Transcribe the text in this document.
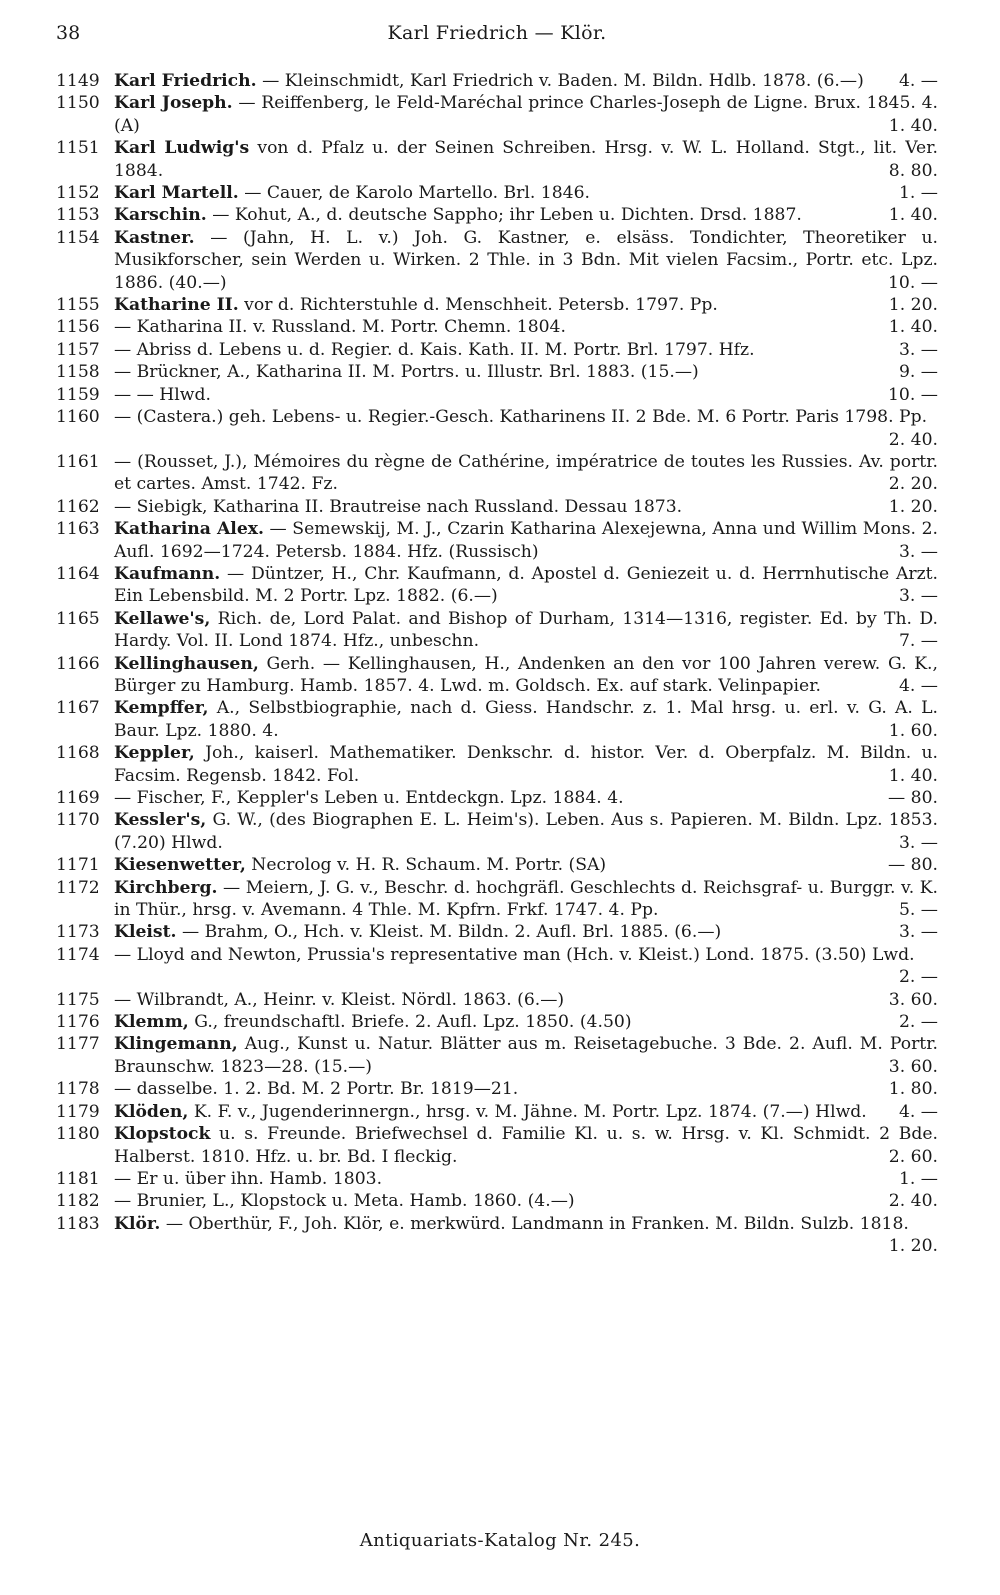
38	Karl Friedrich — Klör.
1149 Karl Friedrich. — Kleinschmidt, Karl Friedrich v. Baden. M. Bildn. Hdlb. 1878. (6.—) 4. —
1150 Karl Joseph. — Reiffenberg, le Feld-Maréchal prince Charles-Joseph de Ligne. Brux. 1845. 4. (A)	1. 40.
1151 Karl Ludwig's von d. Pfalz u. der Seinen Schreiben. Hrsg. v. W. L. Holland. Stgt., lit. Ver. 1884.	8. 80.
1152 Karl Martell. — Cauer, de Karolo Martello. Brl. 1846.	1. —
1153 Karschin. — Kohut, A., d. deutsche Sappho; ihr Leben u. Dichten. Drsd. 1887.	1. 40.
1154 Kastner. — (Jahn, H. L. v.) Joh. G. Kastner, e. elsäss. Tondichter, Theoretiker u. Musikforscher, sein Werden u. Wirken. 2 Thle. in 3 Bdn. Mit vielen Facsim., Portr. etc. Lpz. 1886. (40.—)	10. —
1155 Katharine II. vor d. Richterstuhle d. Menschheit. Petersb. 1797. Pp.	1. 20.
1156 — Katharina II. v. Russland. M. Portr. Chemn. 1804.	1. 40.
1157 — Abriss d. Lebens u. d. Regier. d. Kais. Kath. II. M. Portr. Brl. 1797. Hfz.	3. —
1158 — Brückner, A., Katharina II. M. Portrs. u. Illustr. Brl. 1883. (15.—)	9. —
1159 — — Hlwd.	10. —
1160 — (Castera.) geh. Lebens- u. Regier.-Gesch. Katharinens II. 2 Bde. M. 6 Portr. Paris 1798. Pp.
2. 40.
1161 — (Rousset, J.), Mémoires du règne de Cathérine, impératrice de toutes les Russies. Av. portr. et cartes. Amst. 1742. Fz.	2. 20.
1162 — Siebigk, Katharina II. Brautreise nach Russland. Dessau 1873.	1. 20.
1163 Katharina Alex. — Semewskij, M. J., Czarin Katharina Alexejewna, Anna und Willim Mons. 2. Aufl. 1692—1724. Petersb. 1884. Hfz. (Russisch)	3. —
1164 Kaufmann. — Düntzer, H., Chr. Kaufmann, d. Apostel d. Geniezeit u. d. Herrnhutische Arzt. Ein Lebensbild. M. 2 Portr. Lpz. 1882. (6.—)	3. —
1165 Kellawe's, Rich. de, Lord Palat. and Bishop of Durham, 1314—1316, register. Ed. by Th. D. Hardy. Vol. II. Lond 1874. Hfz., unbeschn.	7. —
1166 Kellinghausen, Gerh. — Kellinghausen, H., Andenken an den vor 100 Jahren verew. G. K., Bürger zu Hamburg. Hamb. 1857. 4. Lwd. m. Goldsch. Ex. auf stark. Velinpapier.	4. —
1167 Kempffer, A., Selbstbiographie, nach d. Giess. Handschr. z. 1. Mal hrsg. u. erl. v. G. A. L. Baur. Lpz. 1880. 4.	1. 60.
1168 Keppler, Joh., kaiserl. Mathematiker. Denkschr. d. histor. Ver. d. Oberpfalz. M. Bildn. u. Facsim. Regensb. 1842. Fol.	1. 40.
1169 — Fischer, F., Keppler's Leben u. Entdeckgn. Lpz. 1884. 4.	— 80.
1170 Kessler's, G. W., (des Biographen E. L. Heim's). Leben. Aus s. Papieren. M. Bildn. Lpz. 1853. (7.20) Hlwd.	3. —
1171 Kiesenwetter, Necrolog v. H. R. Schaum. M. Portr. (SA)	— 80.
1172 Kirchberg. — Meiern, J. G. v., Beschr. d. hochgräfl. Geschlechts d. Reichsgraf- u. Burggr. v. K. in Thür., hrsg. v. Avemann. 4 Thle. M. Kpfrn. Frkf. 1747. 4. Pp.	5. —
1173 Kleist. — Brahm, O., Hch. v. Kleist. M. Bildn. 2. Aufl. Brl. 1885. (6.—)	3. —
1174 — Lloyd and Newton, Prussia's representative man (Hch. v. Kleist.) Lond. 1875. (3.50) Lwd.
2. —
1175 — Wilbrandt, A., Heinr. v. Kleist. Nördl. 1863. (6.—)	3. 60.
1176 Klemm, G., freundschaftl. Briefe. 2. Aufl. Lpz. 1850. (4.50)	2. —
1177 Klingemann, Aug., Kunst u. Natur. Blätter aus m. Reisetagebuche. 3 Bde. 2. Aufl. M. Portr. Braunschw. 1823—28. (15.—)	3. 60.
1178 — dasselbe. 1. 2. Bd. M. 2 Portr. Br. 1819—21.	1. 80.
1179 Klöden, K. F. v., Jugenderinnergn., hrsg. v. M. Jähne. M. Portr. Lpz. 1874. (7.—) Hlwd. 4. —
1180 Klopstock u. s. Freunde. Briefwechsel d. Familie Kl. u. s. w. Hrsg. v. Kl. Schmidt. 2 Bde. Halberst. 1810. Hfz. u. br. Bd. I fleckig.	2. 60.
1181 — Er u. über ihn. Hamb. 1803.	1. —
1182 — Brunier, L., Klopstock u. Meta. Hamb. 1860. (4.—)	2. 40.
1183 Klör. — Oberthür, F., Joh. Klör, e. merkwürd. Landmann in Franken. M. Bildn. Sulzb. 1818.
1. 20.
Antiquariats-Katalog Nr. 245.
